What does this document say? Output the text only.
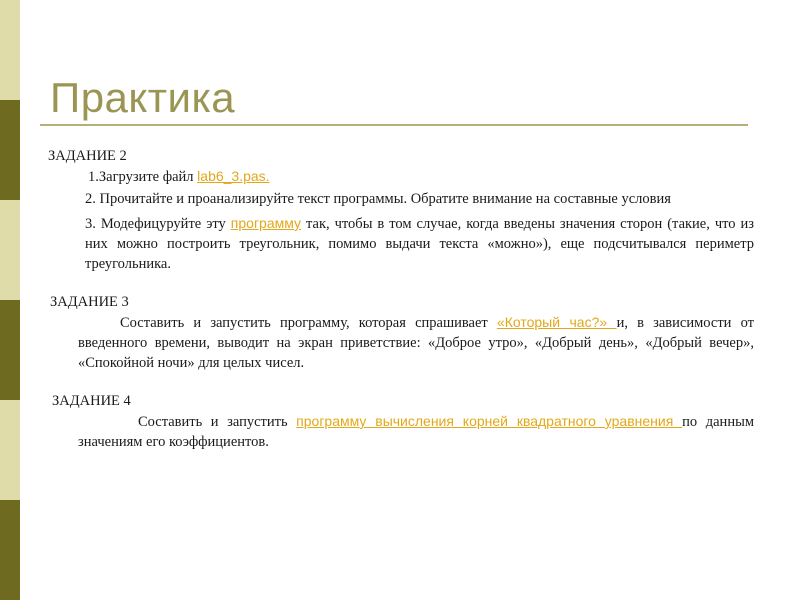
Практика

ЗАДАНИЕ 2

1.Загрузите файл lab6_3.pas.

2. Прочитайте и проанализируйте текст программы. Обратите внимание на составные условия

3. Модефицуруйте эту программу так, чтобы в том случае, когда введены значения сторон (такие, что из них можно построить треугольник, помимо выдачи текста «можно»), еще подсчитывался периметр треугольника.

ЗАДАНИЕ 3

Составить и запустить программу, которая спрашивает «Который час?» и, в зависимости от введенного времени, выводит на экран приветствие: «Доброе утро», «Добрый день», «Добрый вечер», «Спокойной ночи» для целых чисел.

ЗАДАНИЕ 4

Составить и запустить программу вычисления корней квадратного уравнения по данным значениям его коэффициентов.
